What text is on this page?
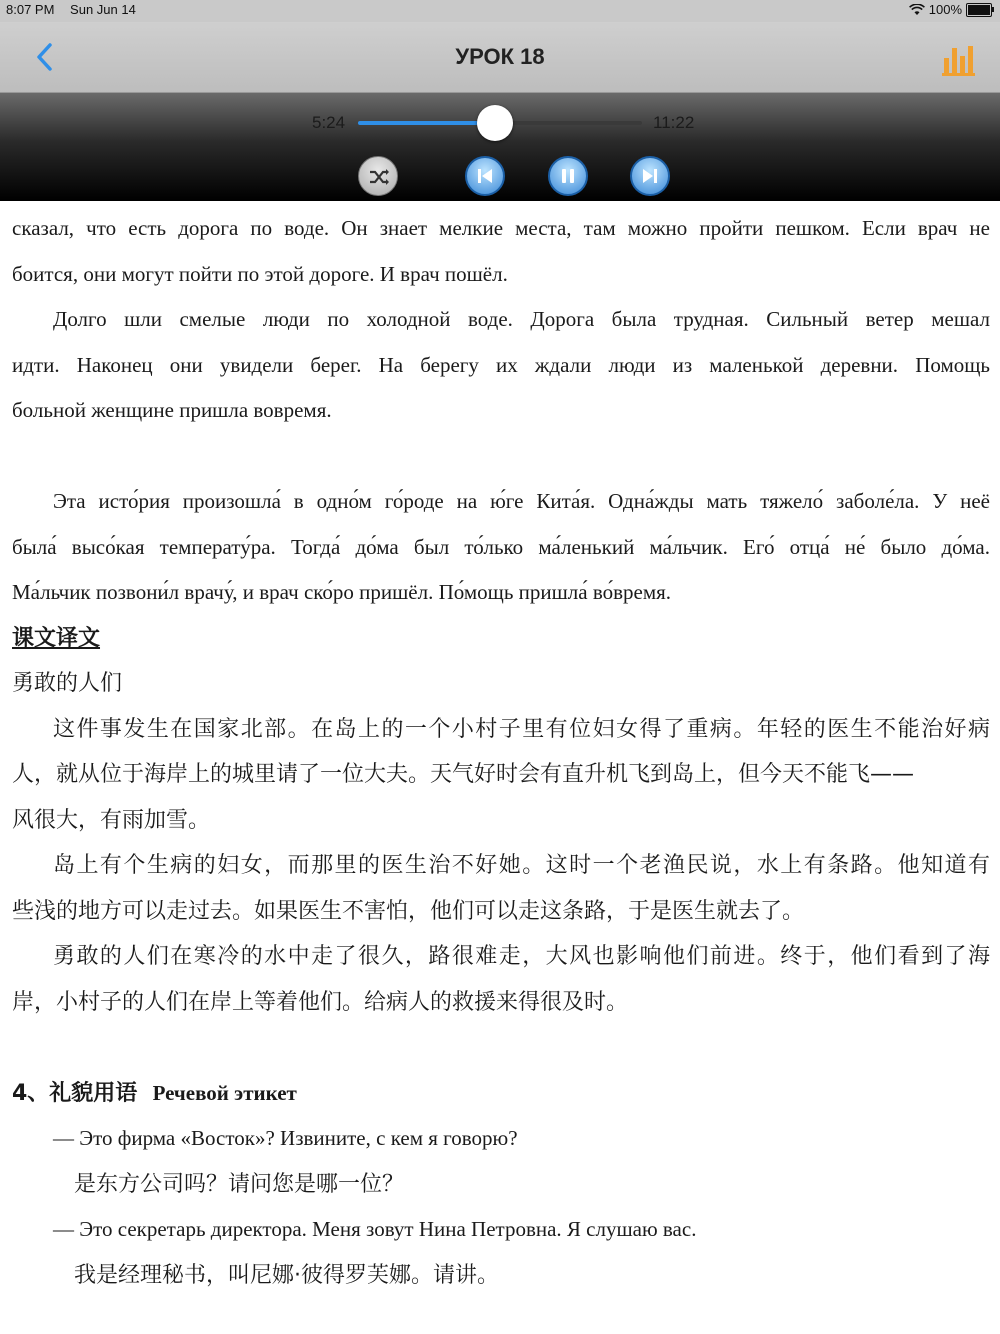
8:07 PM Sun Jun 14	100%
УРОК 18
5:24	11:22
сказал, что есть дорога по воде. Он знает мелкие места, там можно пройти пешком. Если врач не
боится, они могут пойти по этой дороге. И врач пошёл.
Долго шли смелые люди по холодной воде. Дорога была трудная. Сильный ветер мешал
идти. Наконец они увидели берег. На берегу их ждали люди из маленькой деревни. Помощь
больной женщине пришла вовремя.
Эта исто́рия произошла́ в одно́м го́роде на ю́ге Кита́я. Одна́жды мать тяжело́ заболе́ла. У неё
была́ высо́кая температу́ра. Тогда́ до́ма был то́лько ма́ленький ма́льчик. Его́ отца́ не́ было до́ма.
Ма́льчик позвони́л врачу́, и врач ско́ро пришёл. По́мощь пришла́ во́время.
课文译文
勇敢的人们
这件事发生在国家北部。在岛上的一个小村子里有位妇女得了重病。年轻的医生不能治好病
人，就从位于海岸上的城里请了一位大夫。天气好时会有直升机飞到岛上，但今天不能飞——
风很大，有雨加雪。
岛上有个生病的妇女，而那里的医生治不好她。这时一个老渔民说，水上有条路。他知道有
些浅的地方可以走过去。如果医生不害怕，他们可以走这条路，于是医生就去了。
勇敢的人们在寒冷的水中走了很久，路很难走，大风也影响他们前进。终于，他们看到了海
岸，小村子的人们在岸上等着他们。给病人的救援来得很及时。
4、礼貌用语 Речевой этикет
— Это фирма «Восток»? Извините, с кем я говорю?
是东方公司吗？请问您是哪一位？
— Это секретарь директора. Меня зовут Нина Петровна. Я слушаю вас.
我是经理秘书，叫尼娜·彼得罗芙娜。请讲。
